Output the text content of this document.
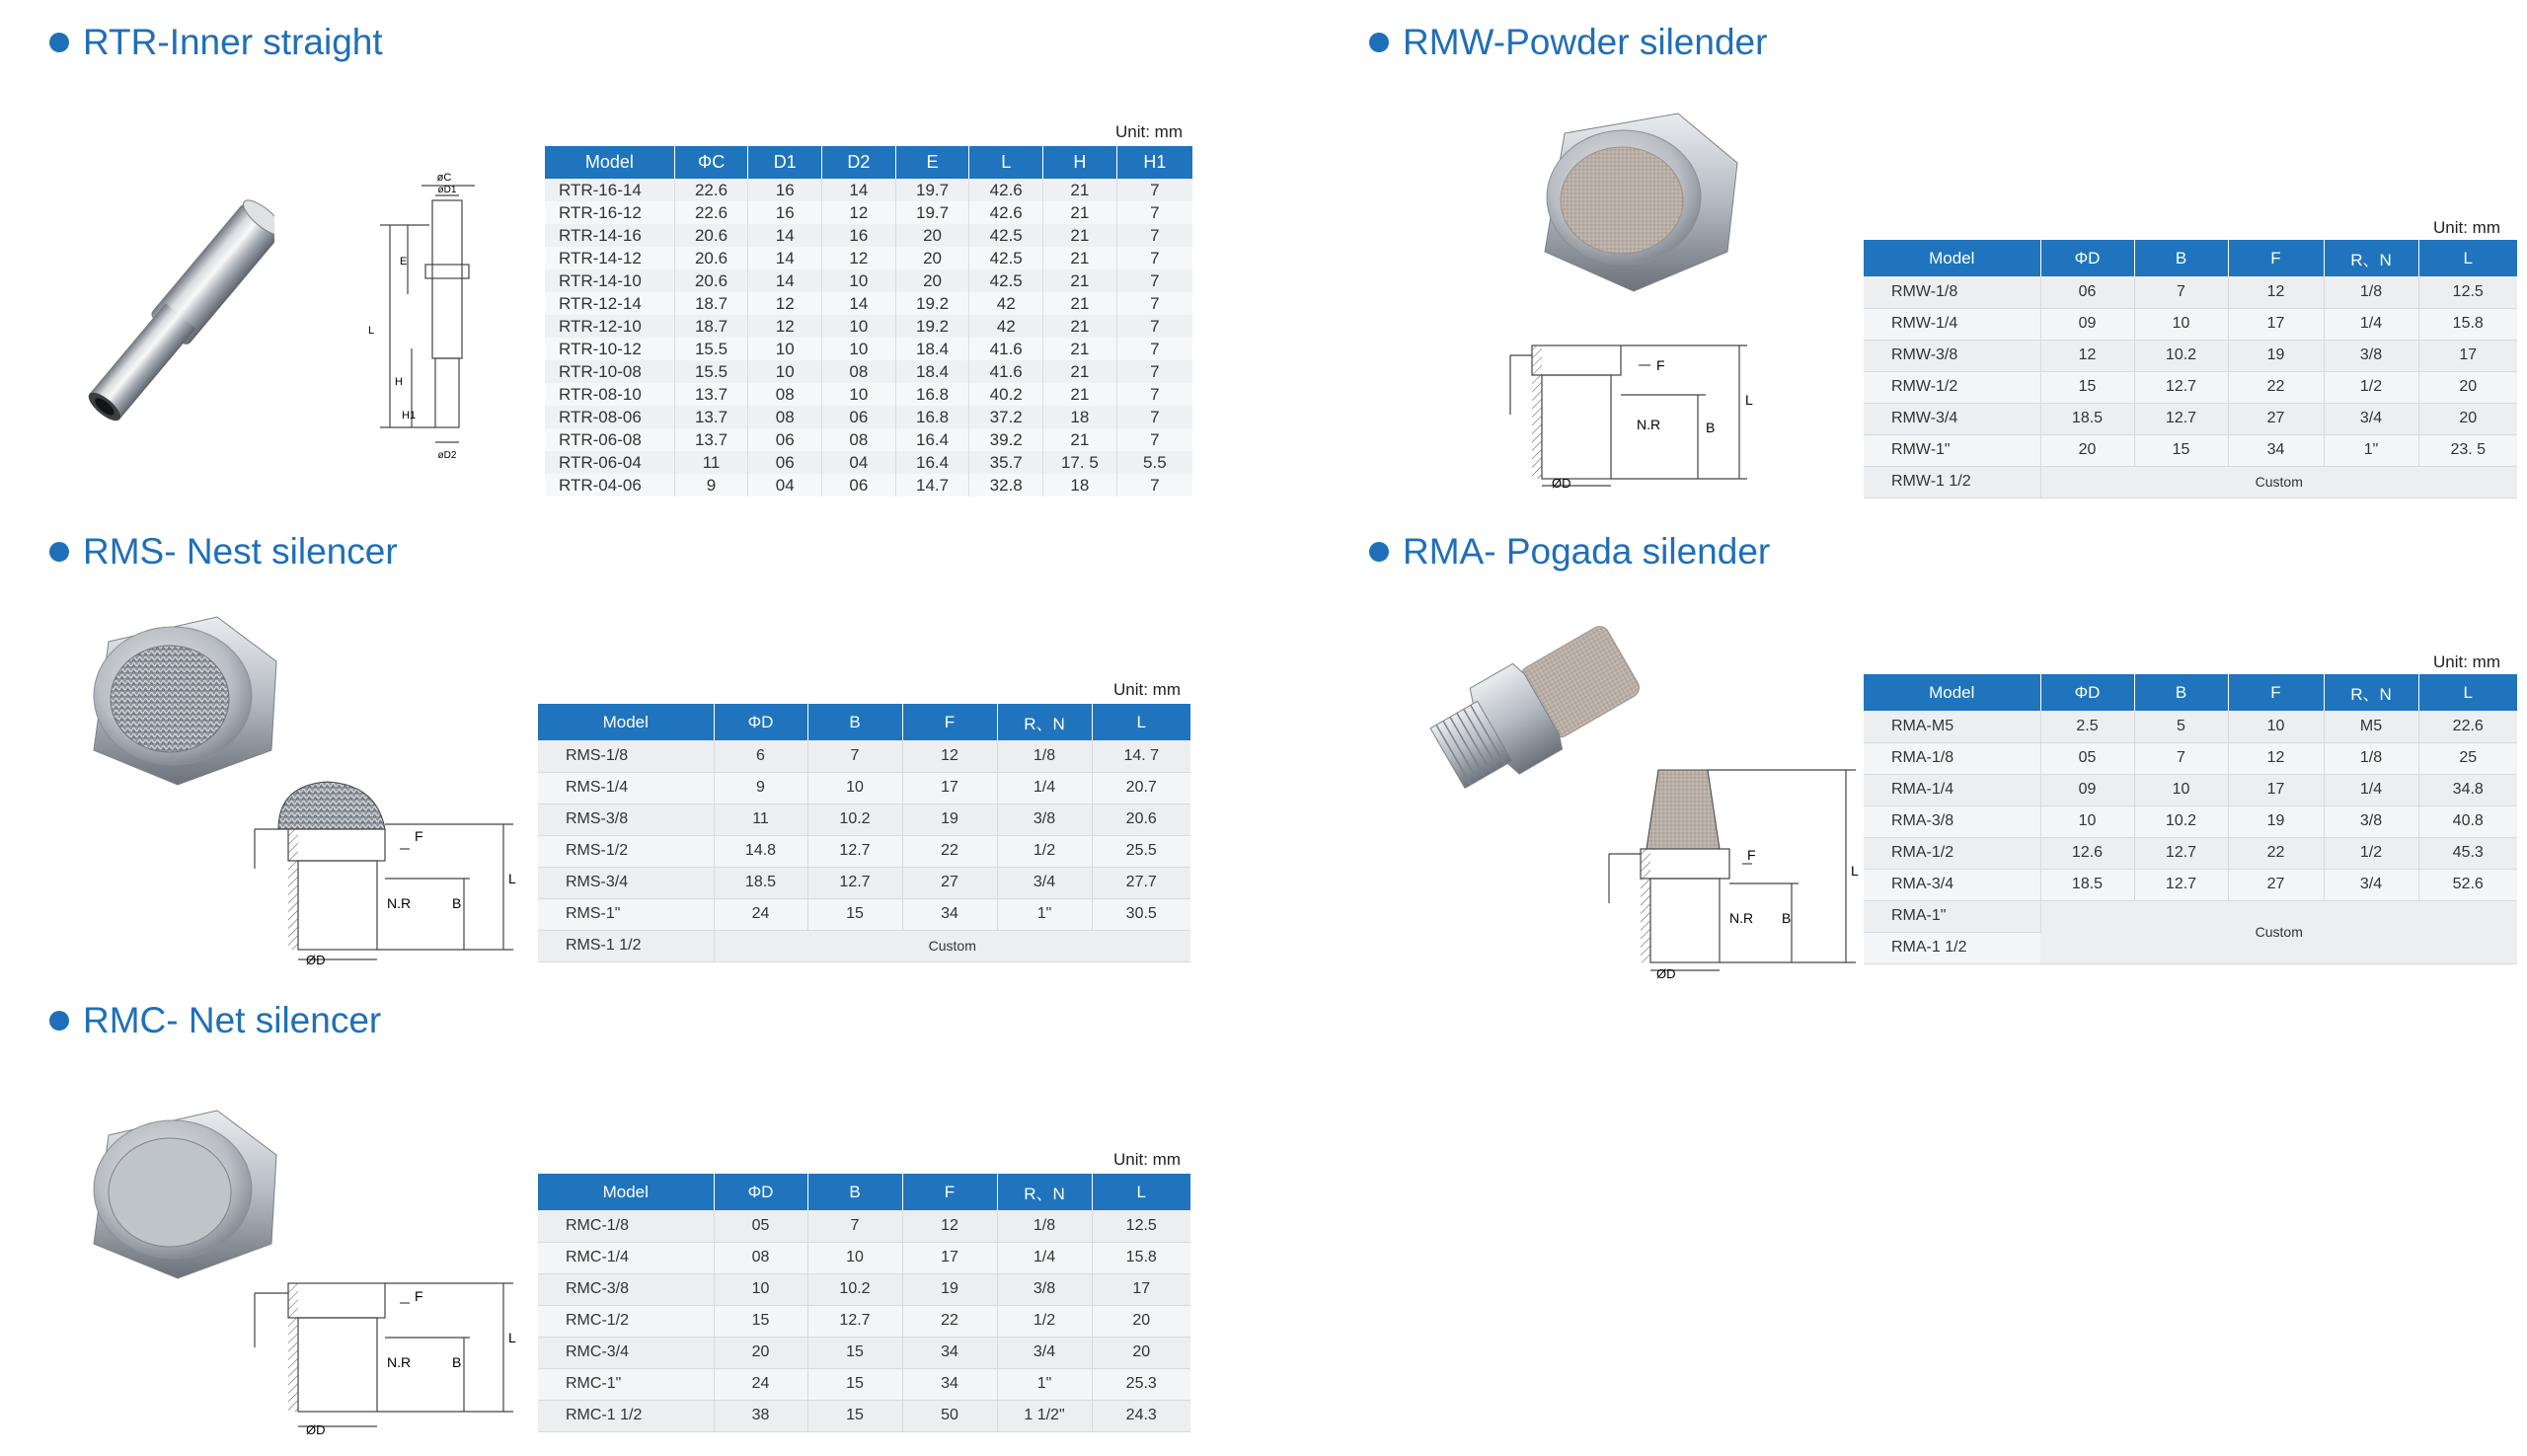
RTR-Inner straight
øC
øD1
E
L
H
H1
øD2
Unit: mm
Model	ΦC	D1	D2	E	L	H	H1
RTR-16-14	22.6	16	14	19.7	42.6	21	7
RTR-16-12	22.6	16	12	19.7	42.6	21	7
RTR-14-16	20.6	14	16	20	42.5	21	7
RTR-14-12	20.6	14	12	20	42.5	21	7
RTR-14-10	20.6	14	10	20	42.5	21	7
RTR-12-14	18.7	12	14	19.2	42	21	7
RTR-12-10	18.7	12	10	19.2	42	21	7
RTR-10-12	15.5	10	10	18.4	41.6	21	7
RTR-10-08	15.5	10	08	18.4	41.6	21	7
RTR-08-10	13.7	08	10	16.8	40.2	21	7
RTR-08-06	13.7	08	06	16.8	37.2	18	7
RTR-06-08	13.7	06	08	16.4	39.2	21	7
RTR-06-04	11	06	04	16.4	35.7	17. 5	5.5
RTR-04-06	9	04	06	14.7	32.8	18	7
RMW-Powder silender
F
N.R	B
L
ØD
Unit: mm
Model	ΦD	B	F	R、N	L
RMW-1/8	06	7	12	1/8	12.5
RMW-1/4	09	10	17	1/4	15.8
RMW-3/8	12	10.2	19	3/8	17
RMW-1/2	15	12.7	22	1/2	20
RMW-3/4	18.5	12.7	27	3/4	20
RMW-1"	20	15	34	1"	23. 5
RMW-1 1/2	Custom				
RMS- Nest silencer
F
N.R	B
L
ØD
Unit: mm
Model	ΦD	B	F	R、N	L
RMS-1/8	6	7	12	1/8	14. 7
RMS-1/4	9	10	17	1/4	20.7
RMS-3/8	11	10.2	19	3/8	20.6
RMS-1/2	14.8	12.7	22	1/2	25.5
RMS-3/4	18.5	12.7	27	3/4	27.7
RMS-1"	24	15	34	1"	30.5
RMS-1 1/2	Custom				
RMA- Pogada silender
F
N.R B
L
ØD
Unit: mm
Model	ΦD	B	F	R、N	L
RMA-M5	2.5	5	10	M5	22.6
RMA-1/8	05	7	12	1/8	25
RMA-1/4	09	10	17	1/4	34.8
RMA-3/8	10	10.2	19	3/8	40.8
RMA-1/2	12.6	12.7	22	1/2	45.3
RMA-3/4	18.5	12.7	27	3/4	52.6
RMA-1"	Custom				
RMA-1 1/2					
RMC- Net silencer
F
N.R	B
L
ØD
Unit: mm
Model	ΦD	B	F	R、N	L
RMC-1/8	05	7	12	1/8	12.5
RMC-1/4	08	10	17	1/4	15.8
RMC-3/8	10	10.2	19	3/8	17
RMC-1/2	15	12.7	22	1/2	20
RMC-3/4	20	15	34	3/4	20
RMC-1"	24	15	34	1"	25.3
RMC-1 1/2	38	15	50	1 1/2"	24.3
